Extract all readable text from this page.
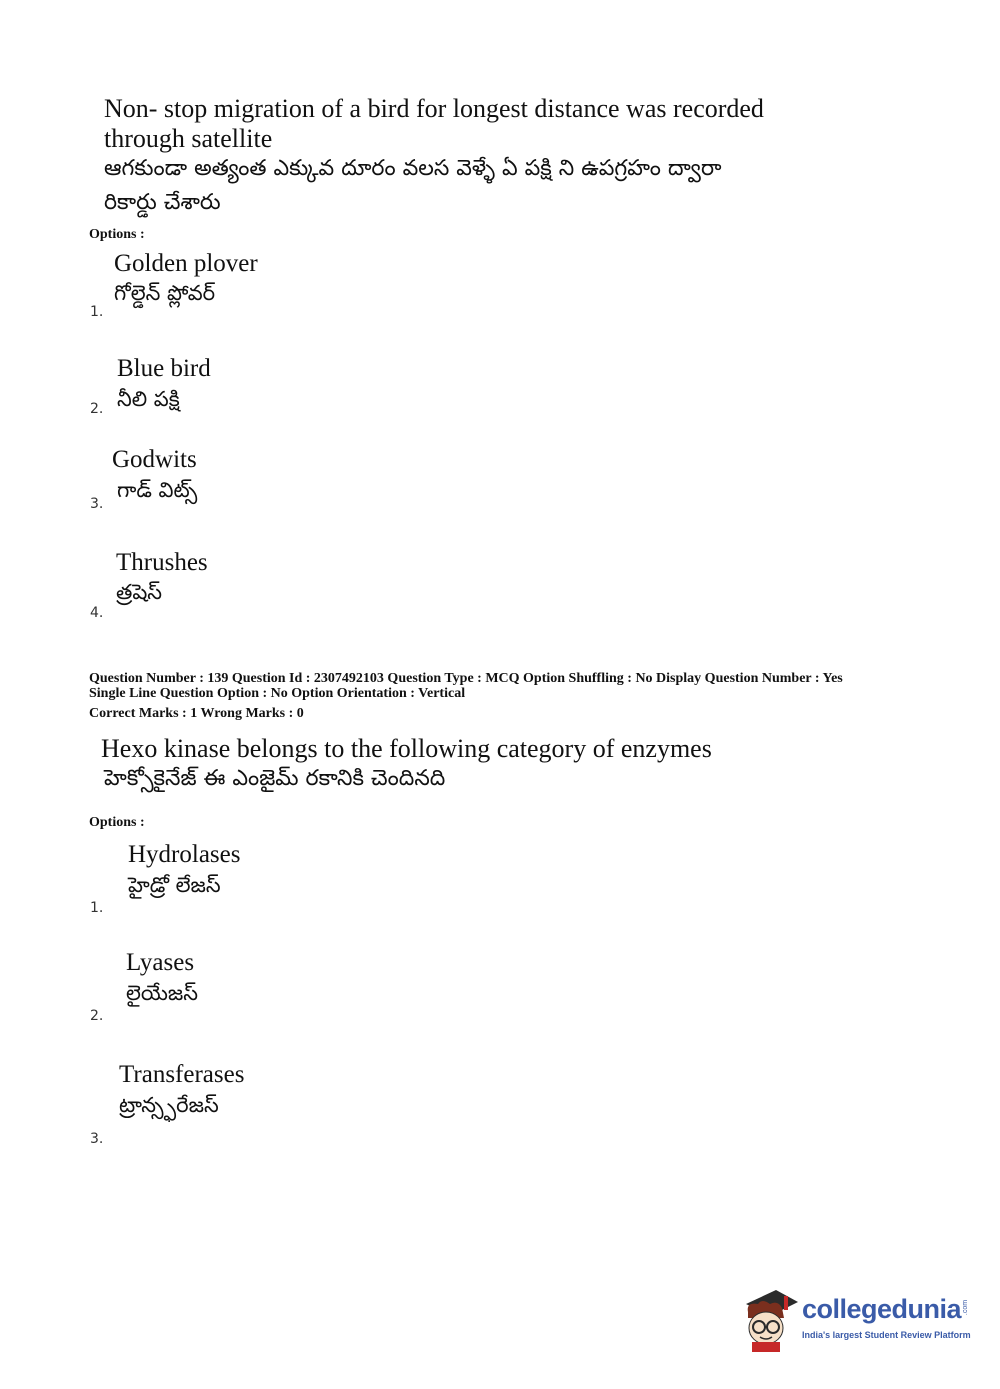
Non- stop migration of a bird for longest distance was recorded
through satellite
ఆగకుండా అత్యంత ఎక్కువ దూరం వలస వెళ్ళే ఏ పక్షి ని ఉపగ్రహం ద్వారా
రికార్డు చేశారు
Options :
Golden plover
గోల్డెన్ ప్లోవర్
1.
Blue bird
నీలి పక్షి
2.
Godwits
గాడ్ విట్స్
3.
Thrushes
త్రషెస్
4.
Question Number : 139 Question Id : 2307492103 Question Type : MCQ Option Shuffling : No Display Question Number : Yes
Single Line Question Option : No Option Orientation : Vertical
Correct Marks : 1 Wrong Marks : 0
Hexo kinase belongs to the following category of enzymes
హెక్సోకైనేజ్ ఈ ఎంజైమ్ రకానికి చెందినది
Options :
Hydrolases
హైడ్రో లేజస్
1.
Lyases
లైయేజస్
2.
Transferases
ట్రాన్స్ఫరేజస్
3.
collegedunia .com
India's largest Student Review Platform
